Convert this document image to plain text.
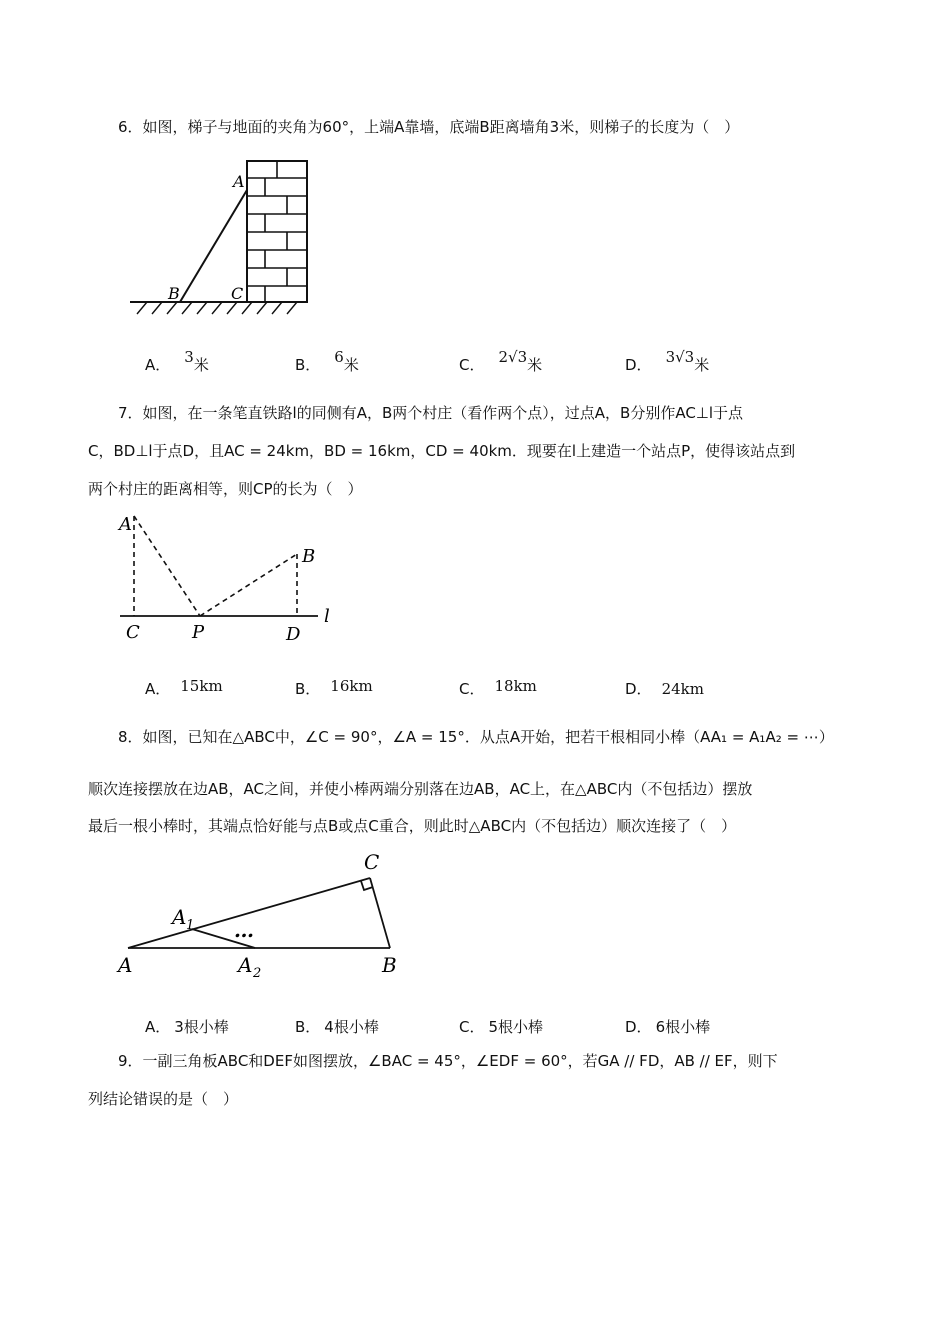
6．如图，梯子与地面的夹角为60°，上端A靠墙，底端B距离墙角3米，则梯子的长度为（　）
A
B	C
A． 3米	B． 6米	C． 2√3米	D． 3√3米
7．如图，在一条笔直铁路l的同侧有A，B两个村庄（看作两个点），过点A，B分别作AC⊥l于点
C，BD⊥l于点D，且AC = 24km，BD = 16km，CD = 40km．现要在l上建造一个站点P，使得该站点到
两个村庄的距离相等，则CP的长为（　）
A
B
C	P	D
l
A． 15km	B． 16km	C． 18km	D． 24km
8．如图，已知在△ABC中，∠C = 90°，∠A = 15°．从点A开始，把若干根相同小棒（AA₁ = A₁A₂ = ⋯）
顺次连接摆放在边AB，AC之间，并使小棒两端分别落在边AB，AC上，在△ABC内（不包括边）摆放
最后一根小棒时，其端点恰好能与点B或点C重合，则此时△ABC内（不包括边）顺次连接了（　）
…
C
A	B
A 1
A 2
A． 3根小棒	B． 4根小棒	C． 5根小棒	D． 6根小棒
9．一副三角板ABC和DEF如图摆放，∠BAC = 45°，∠EDF = 60°，若GA // FD，AB // EF，则下
列结论错误的是（　）
